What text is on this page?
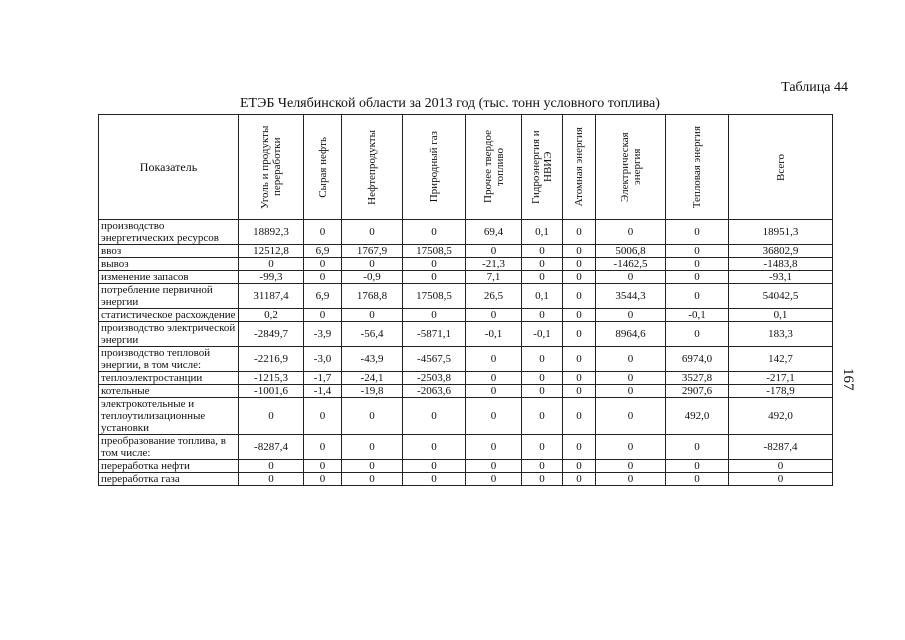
Таблица 44
ЕТЭБ Челябинской области за 2013 год (тыс. тонн условного топлива)
167
Показатель	Уголь и продукты переработки	Сырая нефть	Нефтепродукты	Природный газ	Прочее твердое топливо	Гидроэнергия и НВИЭ	Атомная энергия	Электрическая энергия	Тепловая энергия	Всего

производство энергетических ресурсов	18892,3	0	0	0	69,4	0,1	0	0	0	18951,3
ввоз	12512,8	6,9	1767,9	17508,5	0	0	0	5006,8	0	36802,9
вывоз	0	0	0	0	-21,3	0	0	-1462,5	0	-1483,8
изменение запасов	-99,3	0	-0,9	0	7,1	0	0	0	0	-93,1
потребление первичной энергии	31187,4	6,9	1768,8	17508,5	26,5	0,1	0	3544,3	0	54042,5
статистическое расхождение	0,2	0	0	0	0	0	0	0	-0,1	0,1
производство электрической энергии	-2849,7	-3,9	-56,4	-5871,1	-0,1	-0,1	0	8964,6	0	183,3
производство тепловой энергии, в том числе:	-2216,9	-3,0	-43,9	-4567,5	0	0	0	0	6974,0	142,7
теплоэлектростанции	-1215,3	-1,7	-24,1	-2503,8	0	0	0	0	3527,8	-217,1
котельные	-1001,6	-1,4	-19,8	-2063,6	0	0	0	0	2907,6	-178,9
электрокотельные и теплоутилизационные установки	0	0	0	0	0	0	0	0	492,0	492,0
преобразование топлива, в том числе:	-8287,4	0	0	0	0	0	0	0	0	-8287,4
переработка нефти	0	0	0	0	0	0	0	0	0	0
переработка газа	0	0	0	0	0	0	0	0	0	0
